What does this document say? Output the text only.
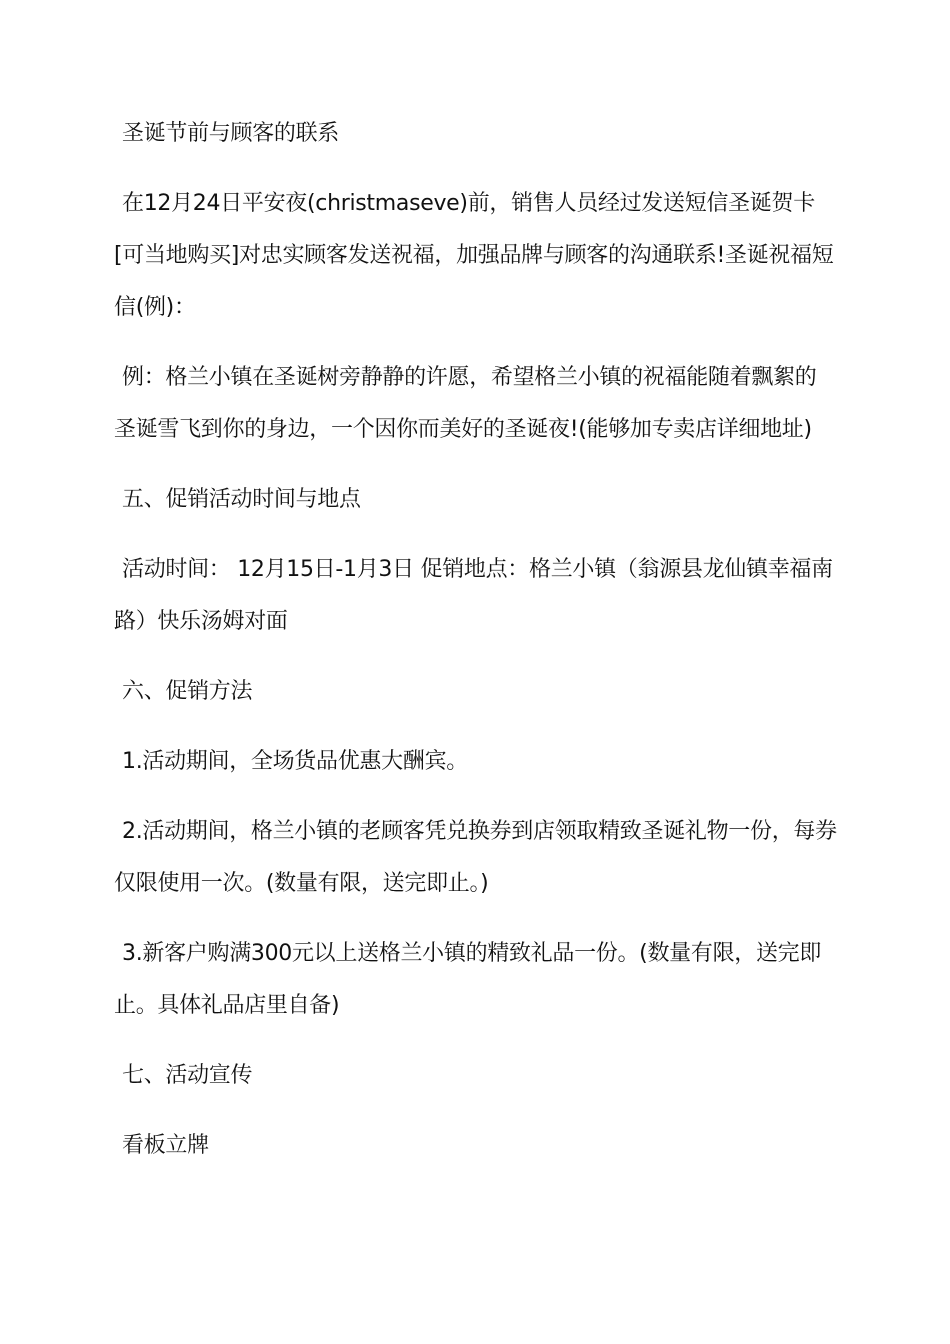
圣诞节前与顾客的联系

在12月24日平安夜(christmaseve)前，销售人员经过发送短信圣诞贺卡[可当地购买]对忠实顾客发送祝福，加强品牌与顾客的沟通联系!圣诞祝福短信(例)：

例：格兰小镇在圣诞树旁静静的许愿，希望格兰小镇的祝福能随着飘絮的圣诞雪飞到你的身边，一个因你而美好的圣诞夜!(能够加专卖店详细地址)

五、促销活动时间与地点

活动时间： 12月15日-1月3日 促销地点：格兰小镇（翁源县龙仙镇幸福南路）快乐汤姆对面

六、促销方法

1.活动期间，全场货品优惠大酬宾。

2.活动期间，格兰小镇的老顾客凭兑换券到店领取精致圣诞礼物一份，每券仅限使用一次。(数量有限，送完即止。)

3.新客户购满300元以上送格兰小镇的精致礼品一份。(数量有限，送完即止。具体礼品店里自备)

七、活动宣传

看板立牌
